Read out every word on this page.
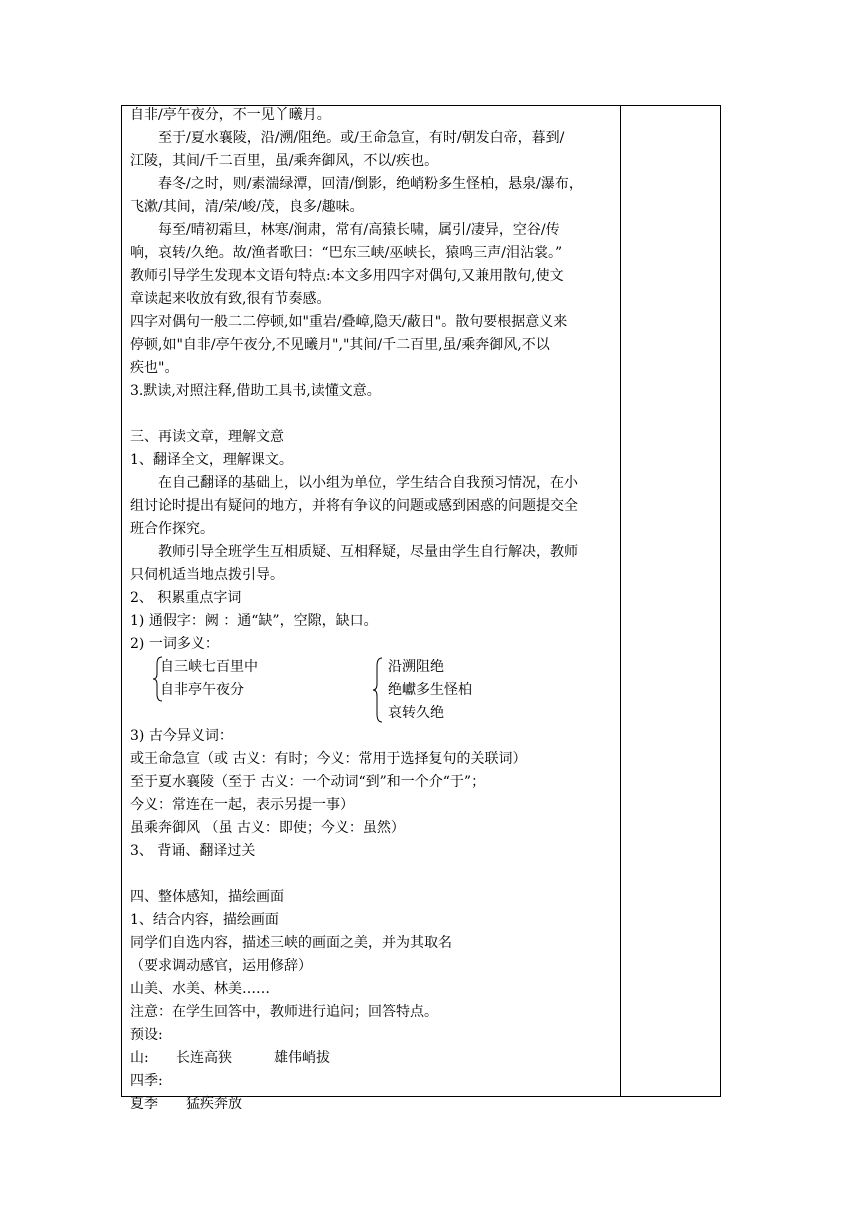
自非/亭午夜分，不一见丫曦月。
至于/夏水襄陵，沿/溯/阻绝。或/王命急宣，有时/朝发白帝，暮到/
江陵，其间/千二百里，虽/乘奔御风，不以/疾也。
春冬/之时，则/素湍绿潭，回清/倒影，绝峭粉多生怪柏，悬泉/瀑布，
飞漱/其间，清/荣/峻/茂，良多/趣味。
每至/晴初霜旦，林寒/涧肃，常有/高猿长啸，属引/凄异，空谷/传
响，哀转/久绝。故/渔者歌曰：“巴东三峡/巫峡长，猿鸣三声/泪沾裳。”
教师引导学生发现本文语句特点:本文多用四字对偶句,又兼用散句,使文
章读起来收放有致,很有节奏感。
四字对偶句一般二二停顿,如"重岩/叠嶂,隐天/蔽日"。散句要根据意义来
停顿,如"自非/亭午夜分,不见曦月","其间/千二百里,虽/乘奔御风,不以
疾也"。
3.默读,对照注释,借助工具书,读懂文意。
三、再读文章，理解文意
1、翻译全文，理解课文。
在自己翻译的基础上，以小组为单位，学生结合自我预习情况，在小
组讨论时提出有疑问的地方，并将有争议的问题或感到困惑的问题提交全
班合作探究。
教师引导全班学生互相质疑、互相释疑，尽量由学生自行解决，教师
只伺机适当地点拨引导。
2、 积累重点字词
1) 通假字：阙 ：通“缺”，空隙，缺口。
2) 一词多义：
自三峡七百里中
自非亭午夜分
沿溯阻绝
绝巘多生怪柏
哀转久绝
3) 古今异义词：
或王命急宣（或 古义：有时；今义：常用于选择复句的关联词）
至于夏水襄陵（至于 古义：一个动词“到”和一个介“于”；
今义：常连在一起，表示另提一事）
虽乘奔御风 （虽 古义：即使；今义：虽然）
3、 背诵、翻译过关
四、整体感知，描绘画面
1、结合内容，描绘画面
同学们自选内容，描述三峡的画面之美，并为其取名
（要求调动感官，运用修辞）
山美、水美、林美……
注意：在学生回答中，教师进行追问；回答特点。
预设:
山: 长连高狭	雄伟峭拔
四季:
夏季 猛疾奔放
